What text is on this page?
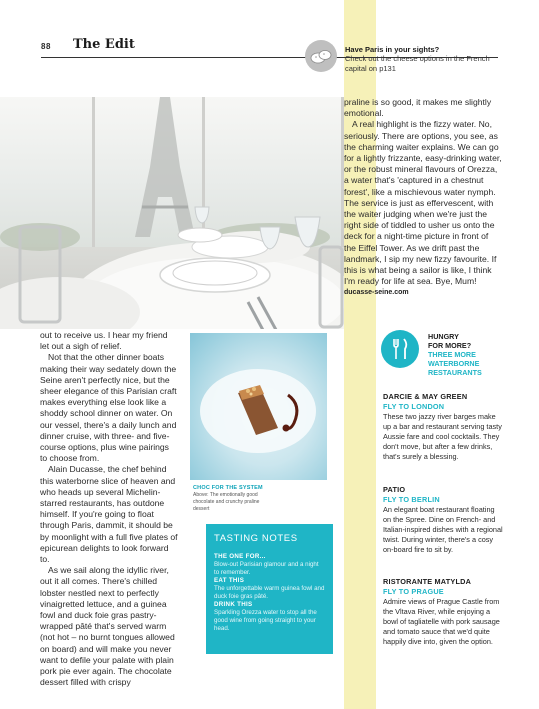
88 The Edit	Have Paris in your sights?
Check out the cheese options in the French capital on p131

praline is so good, it makes me slightly emotional.

A real highlight is the fizzy water. No, seriously. There are options, you see, as the charming waiter explains. We can go for a lightly frizzante, easy-drinking water, or the robust mineral flavours of Orezza, a water that's 'captured in a chestnut forest', like a mischievous water nymph. The service is just as effervescent, with the waiter judging when we're just the right side of tiddled to usher us onto the deck for a night-time picture in front of the Eiffel Tower. As we drift past the landmark, I sip my new fizzy favourite. If this is what being a sailor is like, I think I'm ready for life at sea. Bye, Mum!

ducasse-seine.com

out to receive us. I hear my friend let out a sigh of relief.

Not that the other dinner boats making their way sedately down the Seine aren't perfectly nice, but the sheer elegance of this Parisian craft makes everything else look like a shoddy school dinner on water. On our vessel, there's a daily lunch and dinner cruise, with three- and five-course options, plus wine pairings to choose from.

Alain Ducasse, the chef behind this waterborne slice of heaven and who heads up several Michelin-starred restaurants, has outdone himself. If you're going to float through Paris, dammit, it should be by moonlight with a full five plates of epicurean delights to look forward to.

As we sail along the idyllic river, out it all comes. There's chilled lobster nestled next to perfectly vinaigretted lettuce, and a guinea fowl and duck foie gras pastry-wrapped pâté that's served warm (not hot – no burnt tongues allowed on board) and will make you never want to defile your palate with plain pork pie ever again. The chocolate dessert filled with crispy

CHOC FOR THE SYSTEM
Above: The emotionally good chocolate and crunchy praline dessert
TASTING NOTES
THE ONE FOR...
Blow-out Parisian glamour and a night to remember.
EAT THIS
The unforgettable warm guinea fowl and duck foie gras pâté.
DRINK THIS
Sparkling Orezza water to stop all the good wine from going straight to your head.
HUNGRY
FOR MORE?
THREE MORE
WATERBORNE
RESTAURANTS
DARCIE & MAY GREEN
FLY TO LONDON
These two jazzy river barges make up a bar and restaurant serving tasty Aussie fare and cool cocktails. They don't move, but after a few drinks, that's surely a blessing.
PATIO
FLY TO BERLIN
An elegant boat restaurant floating on the Spree. Dine on French- and Italian-inspired dishes with a regional twist. During winter, there's a cosy on-board fire to sit by.
RISTORANTE MATYLDA
FLY TO PRAGUE
Admire views of Prague Castle from the Vltava River, while enjoying a bowl of tagliatelle with pork sausage and tomato sauce that we'd quite happily dive into, given the option.
